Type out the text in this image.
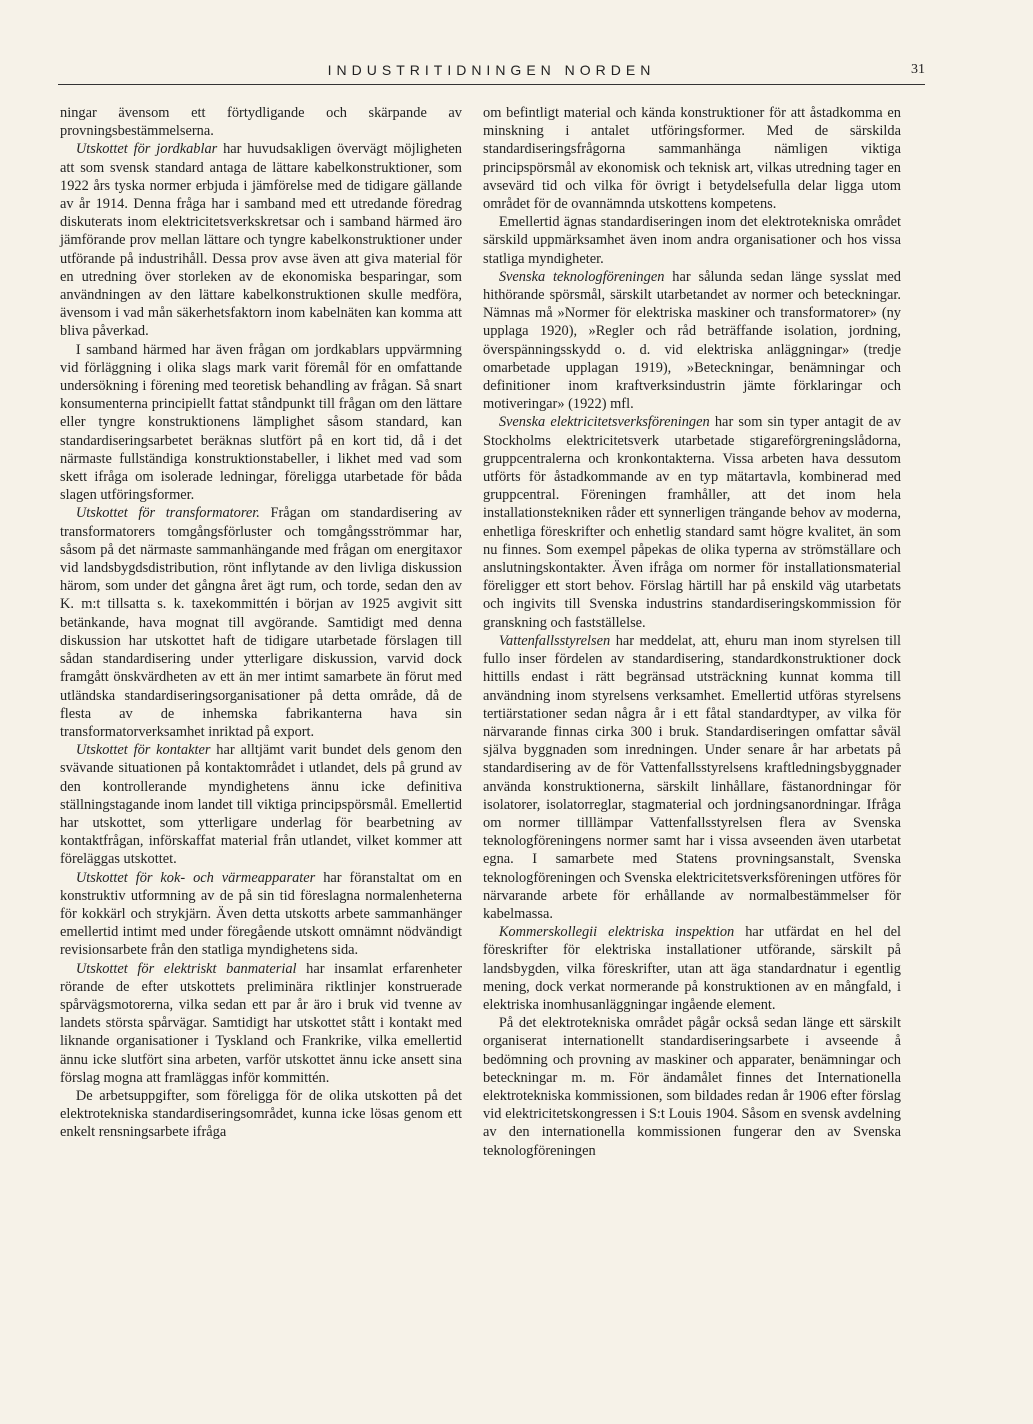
INDUSTRITIDNINGEN NORDEN	31

ningar ävensom ett förtydligande och skärpande av provningsbestämmelserna.

Utskottet för jordkablar har huvudsakligen övervägt möjligheten att som svensk standard antaga de lättare kabelkonstruktioner, som 1922 års tyska normer erbjuda i jämförelse med de tidigare gällande av år 1914. Denna fråga har i samband med ett utredande föredrag diskuterats inom elektricitetsverkskretsar och i samband härmed äro jämförande prov mellan lättare och tyngre kabelkonstruktioner under utförande på industrihåll. Dessa prov avse även att giva material för en utredning över storleken av de ekonomiska besparingar, som användningen av den lättare kabelkonstruktionen skulle medföra, ävensom i vad mån säkerhetsfaktorn inom kabelnäten kan komma att bliva påverkad.

I samband härmed har även frågan om jordkablars uppvärmning vid förläggning i olika slags mark varit föremål för en omfattande undersökning i förening med teoretisk behandling av frågan. Så snart konsumenterna principiellt fattat ståndpunkt till frågan om den lättare eller tyngre konstruktionens lämplighet såsom standard, kan standardiseringsarbetet beräknas slutfört på en kort tid, då i det närmaste fullständiga konstruktionstabeller, i likhet med vad som skett ifråga om isolerade ledningar, föreligga utarbetade för båda slagen utföringsformer.

Utskottet för transformatorer. Frågan om standardisering av transformatorers tomgångsförluster och tomgångsströmmar har, såsom på det närmaste sammanhängande med frågan om energitaxor vid landsbygdsdistribution, rönt inflytande av den livliga diskussion härom, som under det gångna året ägt rum, och torde, sedan den av K. m:t tillsatta s. k. taxekommittén i början av 1925 avgivit sitt betänkande, hava mognat till avgörande. Samtidigt med denna diskussion har utskottet haft de tidigare utarbetade förslagen till sådan standardisering under ytterligare diskussion, varvid dock framgått önskvärdheten av ett än mer intimt samarbete än förut med utländska standardiseringsorganisationer på detta område, då de flesta av de inhemska fabrikanterna hava sin transformatorverksamhet inriktad på export.

Utskottet för kontakter har alltjämt varit bundet dels genom den svävande situationen på kontaktområdet i utlandet, dels på grund av den kontrollerande myndighetens ännu icke definitiva ställningstagande inom landet till viktiga principspörsmål. Emellertid har utskottet, som ytterligare underlag för bearbetning av kontaktfrågan, införskaffat material från utlandet, vilket kommer att föreläggas utskottet.

Utskottet för kok- och värmeapparater har föranstaltat om en konstruktiv utformning av de på sin tid föreslagna normalenheterna för kokkärl och strykjärn. Även detta utskotts arbete sammanhänger emellertid intimt med under föregående utskott omnämnt nödvändigt revisionsarbete från den statliga myndighetens sida.

Utskottet för elektriskt banmaterial har insamlat erfarenheter rörande de efter utskottets preliminära riktlinjer konstruerade spårvägsmotorerna, vilka sedan ett par år äro i bruk vid tvenne av landets största spårvägar. Samtidigt har utskottet stått i kontakt med liknande organisationer i Tyskland och Frankrike, vilka emellertid ännu icke slutfört sina arbeten, varför utskottet ännu icke ansett sina förslag mogna att framläggas inför kommittén.

De arbetsuppgifter, som föreligga för de olika utskotten på det elektrotekniska standardiseringsområdet, kunna icke lösas genom ett enkelt rensningsarbete ifråga

om befintligt material och kända konstruktioner för att åstadkomma en minskning i antalet utföringsformer. Med de särskilda standardiseringsfrågorna sammanhänga nämligen viktiga principspörsmål av ekonomisk och teknisk art, vilkas utredning tager en avsevärd tid och vilka för övrigt i betydelsefulla delar ligga utom området för de ovannämnda utskottens kompetens.

Emellertid ägnas standardiseringen inom det elektrotekniska området särskild uppmärksamhet även inom andra organisationer och hos vissa statliga myndigheter.

Svenska teknologföreningen har sålunda sedan länge sysslat med hithörande spörsmål, särskilt utarbetandet av normer och beteckningar. Nämnas må »Normer för elektriska maskiner och transformatorer» (ny upplaga 1920), »Regler och råd beträffande isolation, jordning, överspänningsskydd o. d. vid elektriska anläggningar» (tredje omarbetade upplagan 1919), »Beteckningar, benämningar och definitioner inom kraftverksindustrin jämte förklaringar och motiveringar» (1922) mfl.

Svenska elektricitetsverksföreningen har som sin typer antagit de av Stockholms elektricitetsverk utarbetade stigareförgreningslådorna, gruppcentralerna och kronkontakterna. Vissa arbeten hava dessutom utförts för åstadkommande av en typ mätartavla, kombinerad med gruppcentral. Föreningen framhåller, att det inom hela installationstekniken råder ett synnerligen trängande behov av moderna, enhetliga föreskrifter och enhetlig standard samt högre kvalitet, än som nu finnes. Som exempel påpekas de olika typerna av strömställare och anslutningskontakter. Även ifråga om normer för installationsmaterial föreligger ett stort behov. Förslag härtill har på enskild väg utarbetats och ingivits till Svenska industrins standardiseringskommission för granskning och fastställelse.

Vattenfallsstyrelsen har meddelat, att, ehuru man inom styrelsen till fullo inser fördelen av standardisering, standardkonstruktioner dock hittills endast i rätt begränsad utsträckning kunnat komma till användning inom styrelsens verksamhet. Emellertid utföras styrelsens tertiärstationer sedan några år i ett fåtal standardtyper, av vilka för närvarande finnas cirka 300 i bruk. Standardiseringen omfattar såväl själva byggnaden som inredningen. Under senare år har arbetats på standardisering av de för Vattenfallsstyrelsens kraftledningsbyggnader använda konstruktionerna, särskilt linhållare, fästanordningar för isolatorer, isolatorreglar, stagmaterial och jordningsanordningar. Ifråga om normer tilllämpar Vattenfallsstyrelsen flera av Svenska teknologföreningens normer samt har i vissa avseenden även utarbetat egna. I samarbete med Statens provningsanstalt, Svenska teknologföreningen och Svenska elektricitetsverksföreningen utföres för närvarande arbete för erhållande av normalbestämmelser för kabelmassa.

Kommerskollegii elektriska inspektion har utfärdat en hel del föreskrifter för elektriska installationer utförande, särskilt på landsbygden, vilka föreskrifter, utan att äga standardnatur i egentlig mening, dock verkat normerande på konstruktionen av en mångfald, i elektriska inomhusanläggningar ingående element.

På det elektrotekniska området pågår också sedan länge ett särskilt organiserat internationellt standardiseringsarbete i avseende å bedömning och provning av maskiner och apparater, benämningar och beteckningar m. m. För ändamålet finnes det Internationella elektrotekniska kommissionen, som bildades redan år 1906 efter förslag vid elektricitetskongressen i S:t Louis 1904. Såsom en svensk avdelning av den internationella kommissionen fungerar den av Svenska teknologföreningen
